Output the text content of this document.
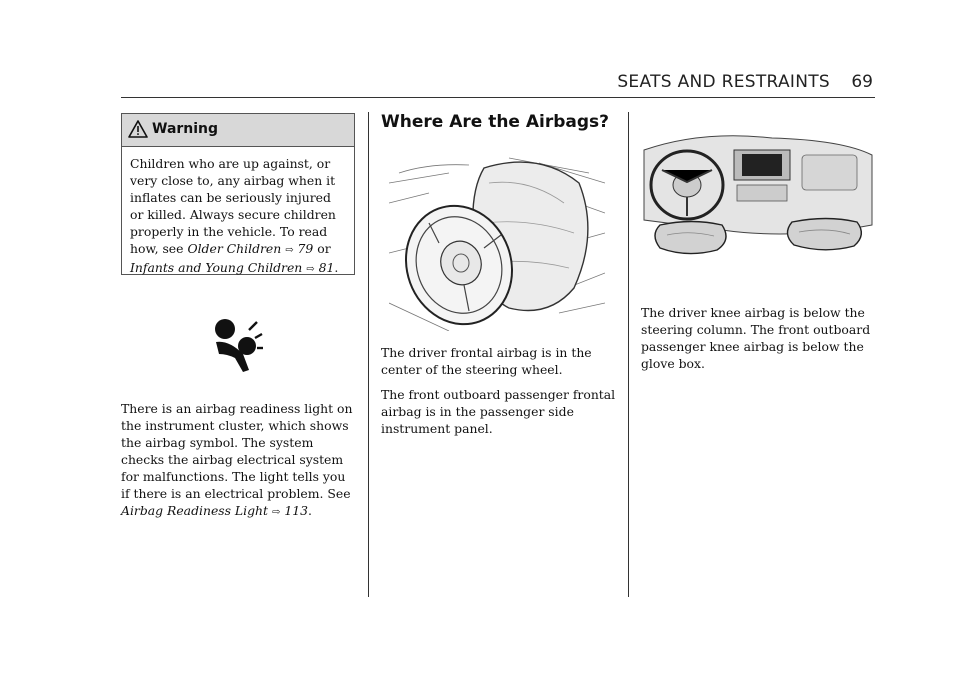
SEATS AND RESTRAINTS 69
Warning
Children who are up against, or very close to, any airbag when it inflates can be seriously injured or killed. Always secure children properly in the vehicle. To read how, see Older Children ⇨ 79 or Infants and Young Children ⇨ 81.
There is an airbag readiness light on the instrument cluster, which shows the airbag symbol. The system checks the airbag electrical system for malfunctions. The light tells you if there is an electrical problem. See Airbag Readiness Light ⇨ 113.
Where Are the Airbags?

The driver frontal airbag is in the center of the steering wheel.

The front outboard passenger frontal airbag is in the passenger side instrument panel.

The driver knee airbag is below the steering column. The front outboard passenger knee airbag is below the glove box.
